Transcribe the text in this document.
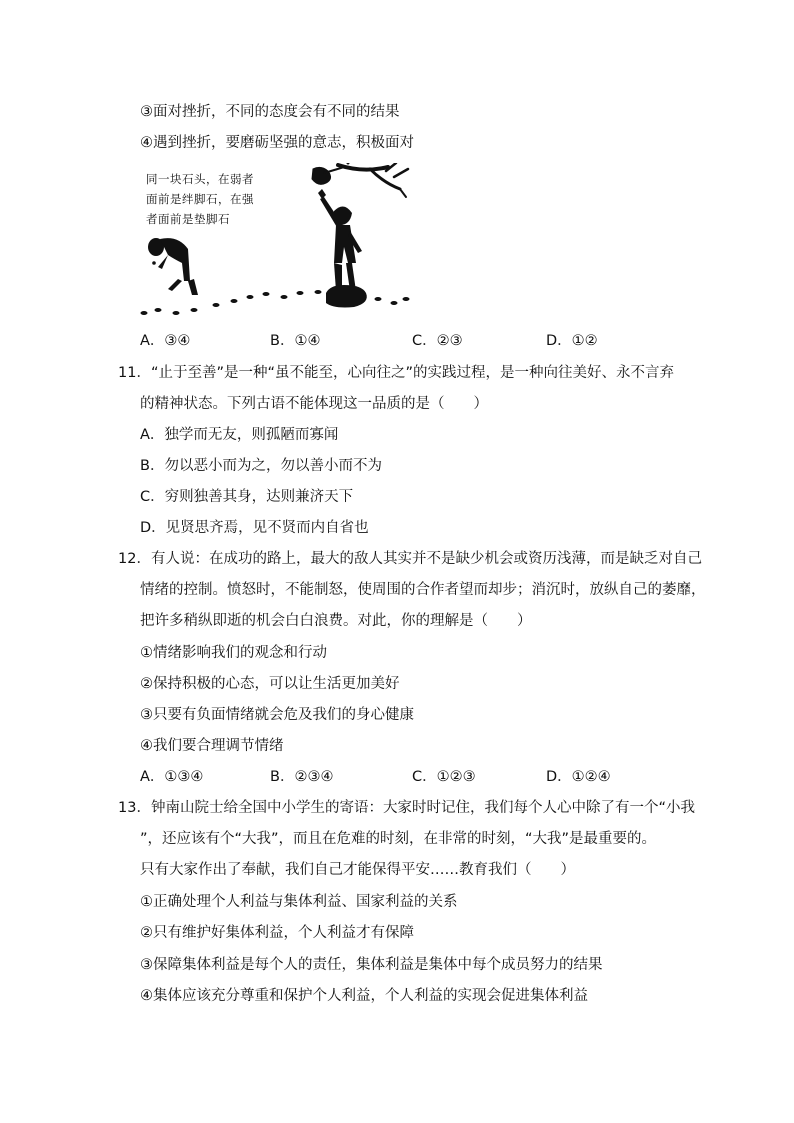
③面对挫折，不同的态度会有不同的结果
④遇到挫折，要磨砺坚强的意志，积极面对
同一块石头，在弱者
面前是绊脚石，在强
者面前是垫脚石
A．③④	B．①④	C．②③	D．①②
11．“止于至善”是一种“虽不能至，心向往之”的实践过程，是一种向往美好、永不言弃
的精神状态。下列古语不能体现这一品质的是（　　）
A．独学而无友，则孤陋而寡闻
B．勿以恶小而为之，勿以善小而不为
C．穷则独善其身，达则兼济天下
D．见贤思齐焉，见不贤而内自省也
12．有人说：在成功的路上，最大的敌人其实并不是缺少机会或资历浅薄，而是缺乏对自己
情绪的控制。愤怒时，不能制怒，使周围的合作者望而却步；消沉时，放纵自己的萎靡，
把许多稍纵即逝的机会白白浪费。对此，你的理解是（　　）
①情绪影响我们的观念和行动
②保持积极的心态，可以让生活更加美好
③只要有负面情绪就会危及我们的身心健康
④我们要合理调节情绪
A．①③④	B．②③④	C．①②③	D．①②④
13．钟南山院士给全国中小学生的寄语：大家时时记住，我们每个人心中除了有一个“小我
”，还应该有个“大我”，而且在危难的时刻，在非常的时刻，“大我”是最重要的。
只有大家作出了奉献，我们自己才能保得平安……教育我们（　　）
①正确处理个人利益与集体利益、国家利益的关系
②只有维护好集体利益，个人利益才有保障
③保障集体利益是每个人的责任，集体利益是集体中每个成员努力的结果
④集体应该充分尊重和保护个人利益，个人利益的实现会促进集体利益
